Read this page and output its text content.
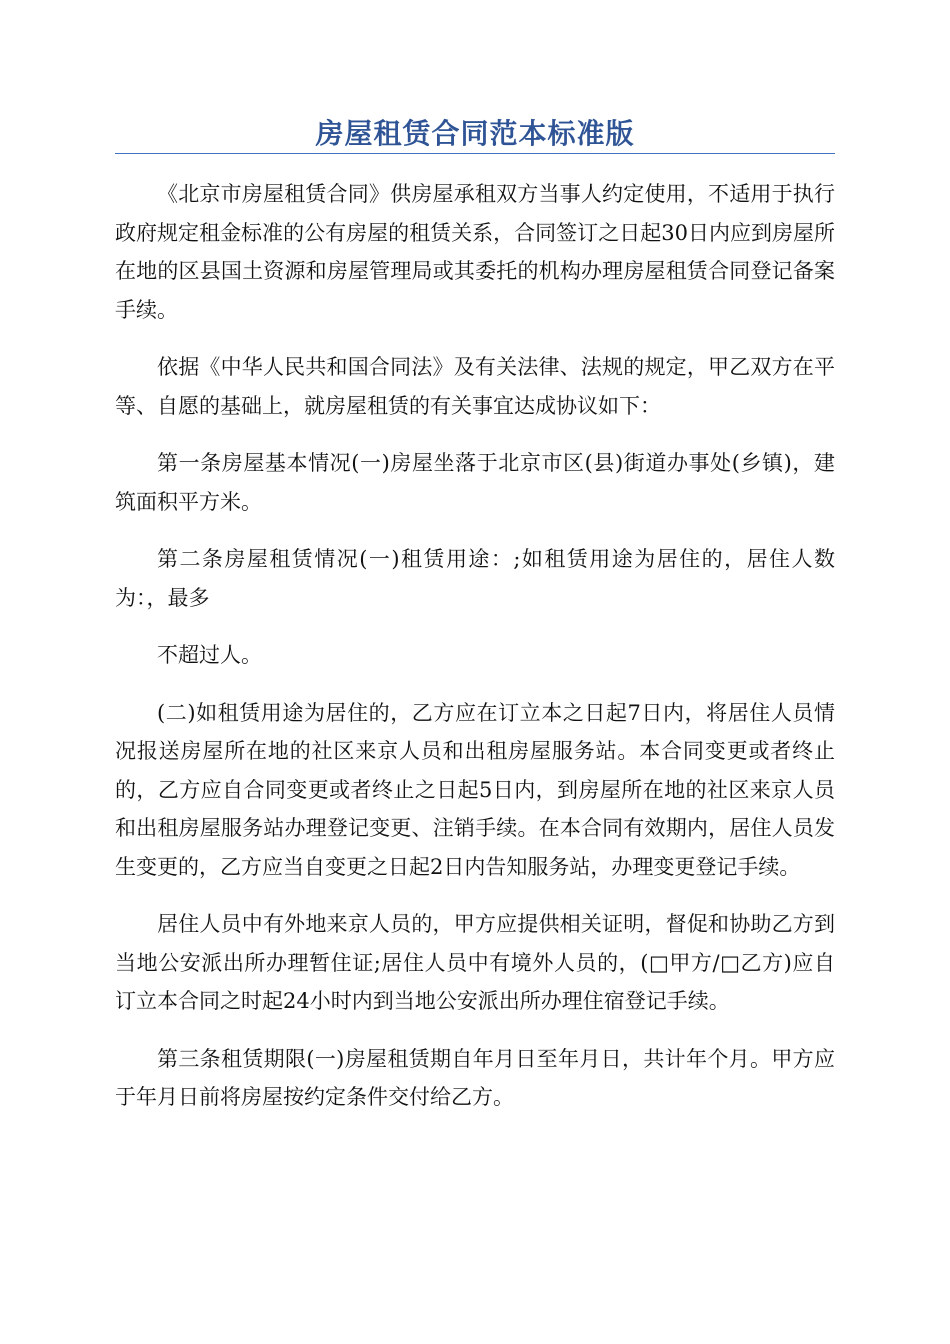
房屋租赁合同范本标准版

《北京市房屋租赁合同》供房屋承租双方当事人约定使用，不适用于执行政府规定租金标准的公有房屋的租赁关系，合同签订之日起30日内应到房屋所在地的区县国土资源和房屋管理局或其委托的机构办理房屋租赁合同登记备案手续。

依据《中华人民共和国合同法》及有关法律、法规的规定，甲乙双方在平等、自愿的基础上，就房屋租赁的有关事宜达成协议如下：

第一条房屋基本情况(一)房屋坐落于北京市区(县)街道办事处(乡镇)，建筑面积平方米。

第二条房屋租赁情况(一)租赁用途：;如租赁用途为居住的，居住人数为：，最多

不超过人。

(二)如租赁用途为居住的，乙方应在订立本之日起7日内，将居住人员情况报送房屋所在地的社区来京人员和出租房屋服务站。本合同变更或者终止的，乙方应自合同变更或者终止之日起5日内，到房屋所在地的社区来京人员和出租房屋服务站办理登记变更、注销手续。在本合同有效期内，居住人员发生变更的，乙方应当自变更之日起2日内告知服务站，办理变更登记手续。

居住人员中有外地来京人员的，甲方应提供相关证明，督促和协助乙方到当地公安派出所办理暂住证;居住人员中有境外人员的，(□甲方/□乙方)应自订立本合同之时起24小时内到当地公安派出所办理住宿登记手续。

第三条租赁期限(一)房屋租赁期自年月日至年月日，共计年个月。甲方应于年月日前将房屋按约定条件交付给乙方。
